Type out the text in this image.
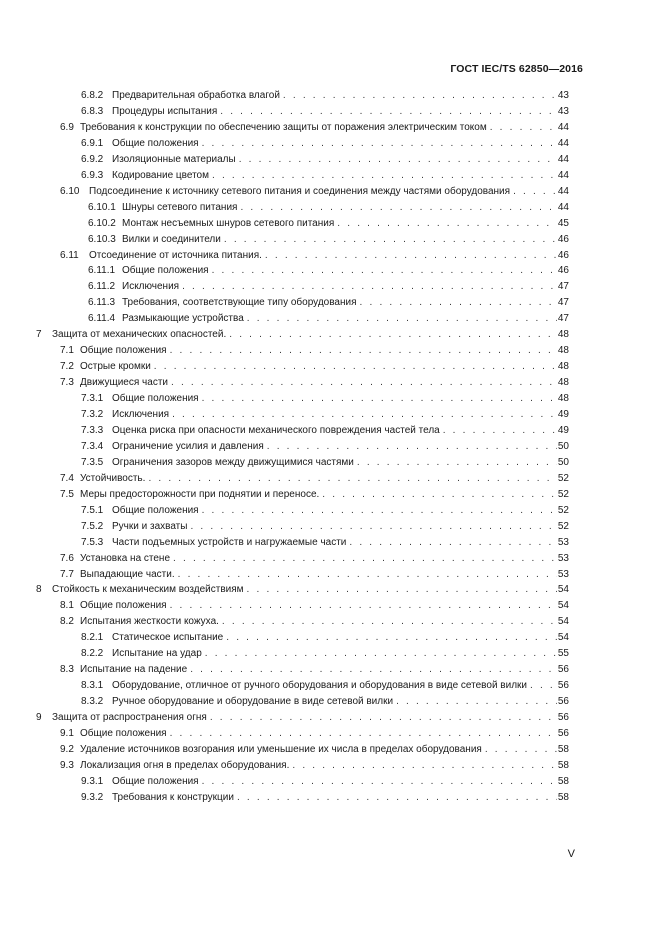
ГОСТ IEC/TS 62850—2016
6.8.2 Предварительная обработка влагой . . .	43
6.8.3 Процедуры испытания . . .	43
6.9 Требования к конструкции по обеспечению защиты от поражения электрическим током . . .	44
6.9.1 Общие положения . . .	44
6.9.2 Изоляционные материалы . . .	44
6.9.3 Кодирование цветом . . .	44
6.10 Подсоединение к источнику сетевого питания и соединения между частями оборудования . . .	44
6.10.1 Шнуры сетевого питания . . .	44
6.10.2 Монтаж несъемных шнуров сетевого питания . . .	45
6.10.3 Вилки и соединители . . .	46
6.11	Отсоединение от источника питания. . . .	46
6.11.1 Общие положения . . .	46
6.11.2 Исключения . . .	47
6.11.3 Требования, соответствующие типу оборудования . . .	47
6.11.4 Размыкающие устройства . . .	47
7	Защита от механических опасностей. . . .	48
7.1 Общие положения . . .	48
7.2 Острые кромки . . .	48
7.3 Движущиеся части . . .	48
7.3.1 Общие положения . . .	48
7.3.2 Исключения . . .	49
7.3.3 Оценка риска при опасности механического повреждения частей тела . . .	49
7.3.4 Ограничение усилия и давления . . .	50
7.3.5 Ограничения зазоров между движущимися частями . . .	50
7.4 Устойчивость. . . .	52
7.5 Меры предосторожности при поднятии и переносе. . . .	52
7.5.1 Общие положения . . .	52
7.5.2 Ручки и захваты . . .	52
7.5.3 Части подъемных устройств и нагружаемые части . . .	53
7.6 Установка на стене . . .	53
7.7 Выпадающие части. . . .	53
8	Стойкость к механическим воздействиям . . .	54
8.1 Общие положения . . .	54
8.2 Испытания жесткости кожуха. . . .	54
8.2.1 Статическое испытание . . .	54
8.2.2 Испытание на удар . . .	55
8.3 Испытание на падение . . .	56
8.3.1 Оборудование, отличное от ручного оборудования и оборудования в виде сетевой вилки . . .	56
8.3.2 Ручное оборудование и оборудование в виде сетевой вилки . . .	56
9	Защита от распространения огня . . .	56
9.1 Общие положения . . .	56
9.2 Удаление источников возгорания или уменьшение их числа в пределах оборудования . . .	58
9.3 Локализация огня в пределах оборудования. . . .	58
9.3.1 Общие положения . . .	58
9.3.2 Требования к конструкции . . .	58
V
